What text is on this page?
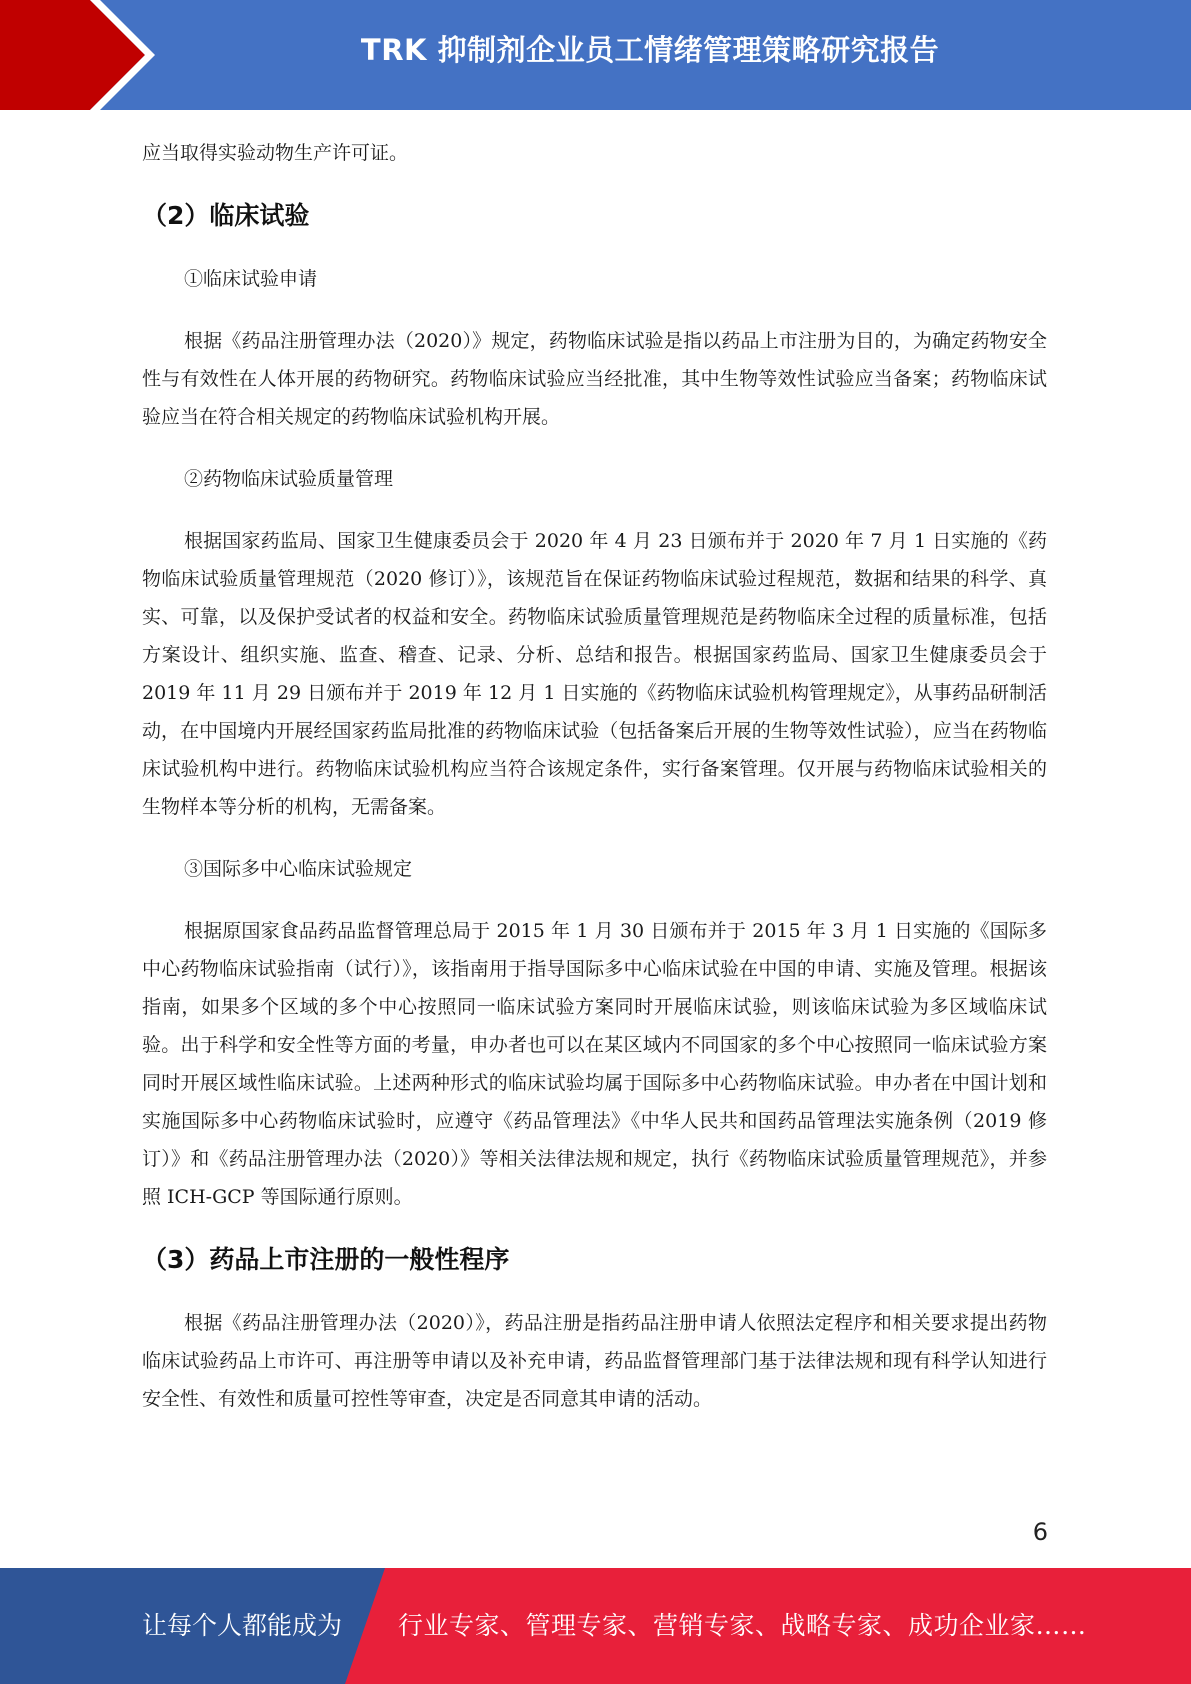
TRK 抑制剂企业员工情绪管理策略研究报告

应当取得实验动物生产许可证。

（2）临床试验

①临床试验申请

根据《药品注册管理办法（2020）》规定，药物临床试验是指以药品上市注册为目的，为确定药物安全性与有效性在人体开展的药物研究。药物临床试验应当经批准，其中生物等效性试验应当备案；药物临床试验应当在符合相关规定的药物临床试验机构开展。

②药物临床试验质量管理

根据国家药监局、国家卫生健康委员会于 2020 年 4 月 23 日颁布并于 2020 年 7 月 1 日实施的《药物临床试验质量管理规范（2020 修订）》，该规范旨在保证药物临床试验过程规范，数据和结果的科学、真实、可靠，以及保护受试者的权益和安全。药物临床试验质量管理规范是药物临床全过程的质量标准，包括方案设计、组织实施、监查、稽查、记录、分析、总结和报告。根据国家药监局、国家卫生健康委员会于 2019 年 11 月 29 日颁布并于 2019 年 12 月 1 日实施的《药物临床试验机构管理规定》，从事药品研制活动，在中国境内开展经国家药监局批准的药物临床试验（包括备案后开展的生物等效性试验），应当在药物临床试验机构中进行。药物临床试验机构应当符合该规定条件，实行备案管理。仅开展与药物临床试验相关的生物样本等分析的机构，无需备案。

③国际多中心临床试验规定

根据原国家食品药品监督管理总局于 2015 年 1 月 30 日颁布并于 2015 年 3 月 1 日实施的《国际多中心药物临床试验指南（试行）》，该指南用于指导国际多中心临床试验在中国的申请、实施及管理。根据该指南，如果多个区域的多个中心按照同一临床试验方案同时开展临床试验，则该临床试验为多区域临床试验。出于科学和安全性等方面的考量，申办者也可以在某区域内不同国家的多个中心按照同一临床试验方案同时开展区域性临床试验。上述两种形式的临床试验均属于国际多中心药物临床试验。申办者在中国计划和实施国际多中心药物临床试验时，应遵守《药品管理法》《中华人民共和国药品管理法实施条例（2019 修订）》和《药品注册管理办法（2020）》等相关法律法规和规定，执行《药物临床试验质量管理规范》，并参照 ICH-GCP 等国际通行原则。

（3）药品上市注册的一般性程序

根据《药品注册管理办法（2020）》，药品注册是指药品注册申请人依照法定程序和相关要求提出药物临床试验药品上市许可、再注册等申请以及补充申请，药品监督管理部门基于法律法规和现有科学认知进行安全性、有效性和质量可控性等审查，决定是否同意其申请的活动。

6
让每个人都能成为 行业专家、管理专家、营销专家、战略专家、成功企业家……
